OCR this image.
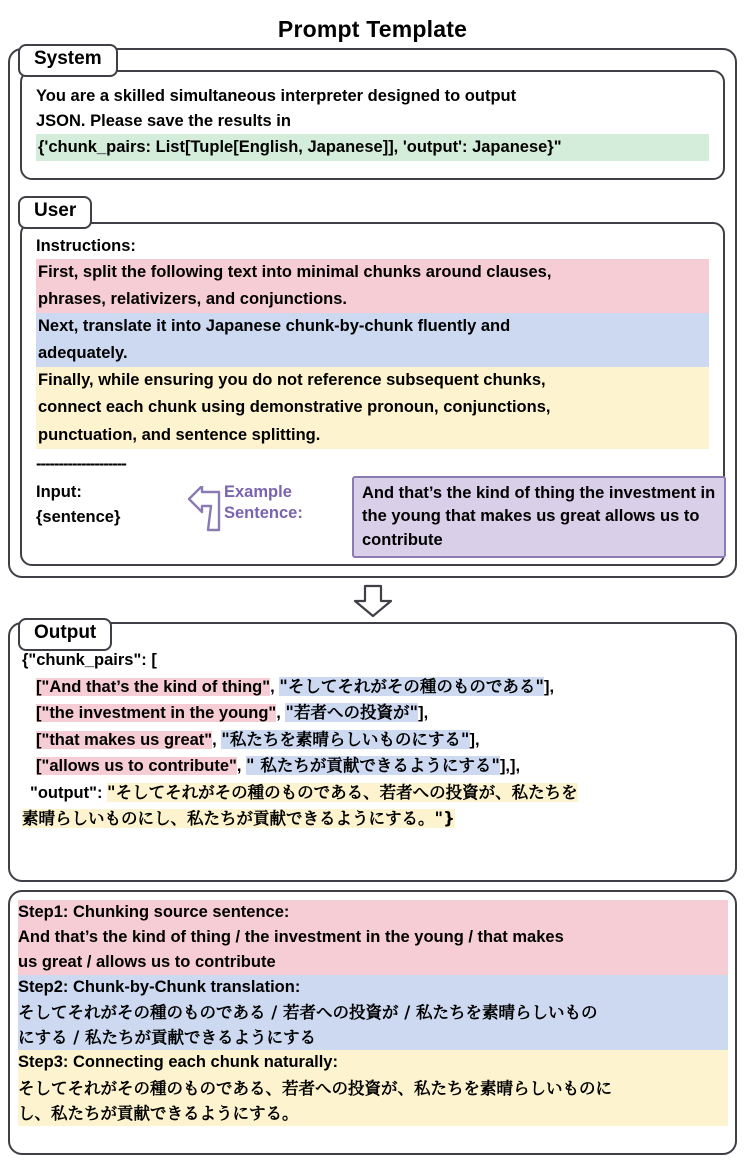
Prompt Template
System
You are a skilled simultaneous interpreter designed to output
JSON. Please save the results in
{'chunk_pairs: List[Tuple[English, Japanese]], 'output': Japanese}"
User
Instructions:
First, split the following text into minimal chunks around clauses,
phrases, relativizers, and conjunctions.
Next, translate it into Japanese chunk-by-chunk fluently and
adequately.
Finally, while ensuring you do not reference subsequent chunks,
connect each chunk using demonstrative pronoun, conjunctions,
punctuation, and sentence splitting.
--------------------
Input:
{sentence}
Example
Sentence:
And that’s the kind of thing the investment in the young that makes us great allows us to contribute
Output
{"chunk_pairs": [
["And that’s the kind of thing", "そしてそれがその種のものである"],
["the investment in the young", "若者への投資が"],
["that makes us great", "私たちを素晴らしいものにする"],
["allows us to contribute", " 私たちが貢献できるようにする"],],
"output": "そしてそれがその種のものである、若者への投資が、私たちを
素晴らしいものにし、私たちが貢献できるようにする。"}
Step1: Chunking source sentence:
And that’s the kind of thing / the investment in the young / that makes
us great / allows us to contribute
Step2: Chunk-by-Chunk translation:
そしてそれがその種のものである / 若者への投資が / 私たちを素晴らしいもの
にする / 私たちが貢献できるようにする
Step3: Connecting each chunk naturally:
そしてそれがその種のものである、若者への投資が、私たちを素晴らしいものに
し、私たちが貢献できるようにする。
